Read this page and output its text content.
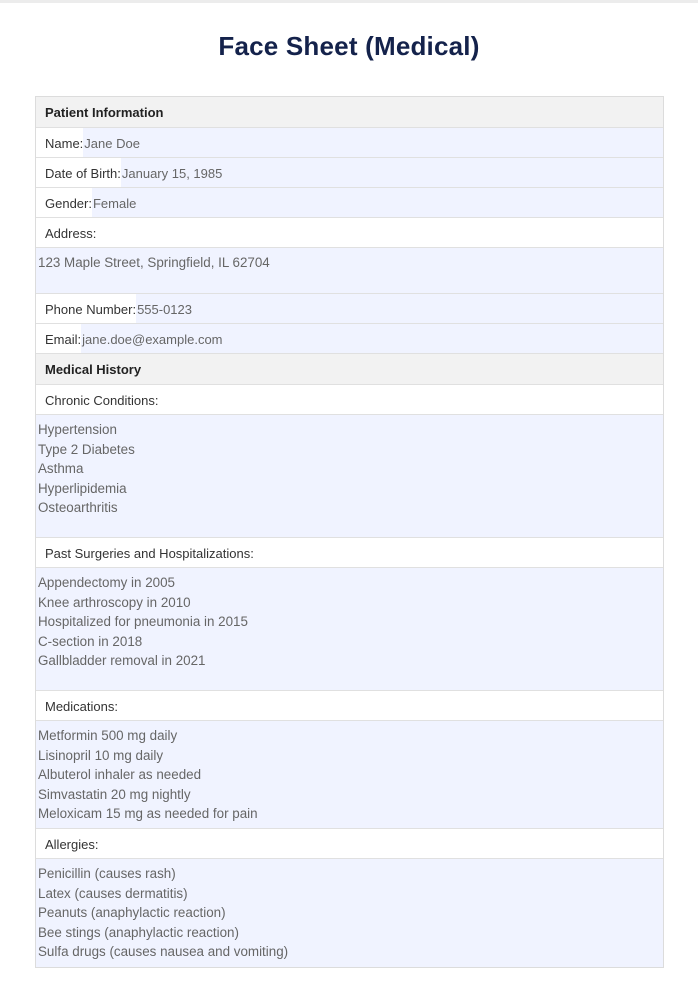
Face Sheet (Medical)
Patient Information
Name: Jane Doe
Date of Birth: January 15, 1985
Gender: Female
Address:
123 Maple Street, Springfield, IL 62704
Phone Number: 555-0123
Email: jane.doe@example.com
Medical History
Chronic Conditions:
Hypertension
Type 2 Diabetes
Asthma
Hyperlipidemia
Osteoarthritis
Past Surgeries and Hospitalizations:
Appendectomy in 2005
Knee arthroscopy in 2010
Hospitalized for pneumonia in 2015
C-section in 2018
Gallbladder removal in 2021
Medications:
Metformin 500 mg daily
Lisinopril 10 mg daily
Albuterol inhaler as needed
Simvastatin 20 mg nightly
Meloxicam 15 mg as needed for pain
Allergies:
Penicillin (causes rash)
Latex (causes dermatitis)
Peanuts (anaphylactic reaction)
Bee stings (anaphylactic reaction)
Sulfa drugs (causes nausea and vomiting)
